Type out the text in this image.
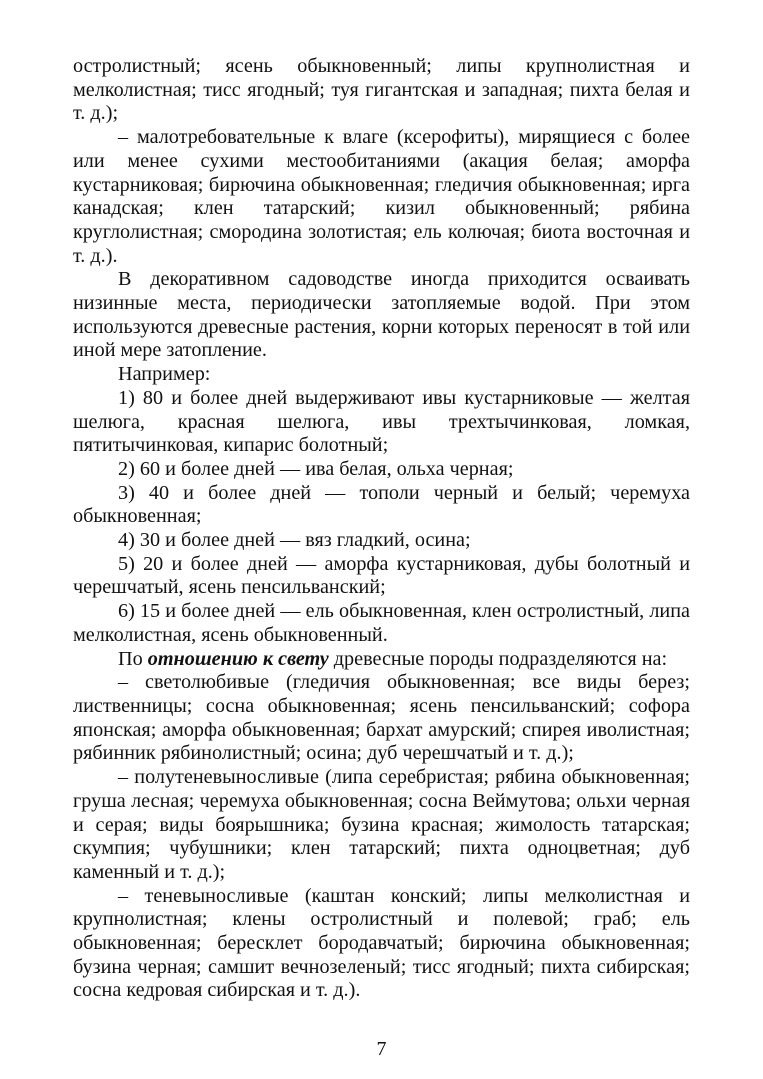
остролистный; ясень обыкновенный; липы крупнолистная и мелколистная; тисс ягодный; туя гигантская и западная; пихта белая и т. д.);

– малотребовательные к влаге (ксерофиты), мирящиеся с более или менее сухими местообитаниями (акация белая; аморфа кустарниковая; бирючина обыкновенная; гледичия обыкновенная; ирга канадская; клен татарский; кизил обыкновенный; рябина круглолистная; смородина золотистая; ель колючая; биота восточная и т. д.).

В декоративном садоводстве иногда приходится осваивать низинные места, периодически затопляемые водой. При этом используются древесные растения, корни которых переносят в той или иной мере затопление.

Например:

1) 80 и более дней выдерживают ивы кустарниковые — желтая шелюга, красная шелюга, ивы трехтычинковая, ломкая, пятитычинковая, кипарис болотный;

2) 60 и более дней — ива белая, ольха черная;

3) 40 и более дней — тополи черный и белый; черемуха обыкновенная;

4) 30 и более дней — вяз гладкий, осина;

5) 20 и более дней — аморфа кустарниковая, дубы болотный и черешчатый, ясень пенсильванский;

6) 15 и более дней — ель обыкновенная, клен остролистный, липа мелколистная, ясень обыкновенный.

По отношению к свету древесные породы подразделяются на:

– светолюбивые (гледичия обыкновенная; все виды берез; лиственницы; сосна обыкновенная; ясень пенсильванский; софора японская; аморфа обыкновенная; бархат амурский; спирея иволистная; рябинник рябинолистный; осина; дуб черешчатый и т. д.);

– полутеневыносливые (липа серебристая; рябина обыкновенная; груша лесная; черемуха обыкновенная; сосна Веймутова; ольхи черная и серая; виды боярышника; бузина красная; жимолость татарская; скумпия; чубушники; клен татарский; пихта одноцветная; дуб каменный и т. д.);

– теневыносливые (каштан конский; липы мелколистная и крупнолистная; клены остролистный и полевой; граб; ель обыкновенная; бересклет бородавчатый; бирючина обыкновенная; бузина черная; самшит вечнозеленый; тисс ягодный; пихта сибирская; сосна кедровая сибирская и т. д.).

7
